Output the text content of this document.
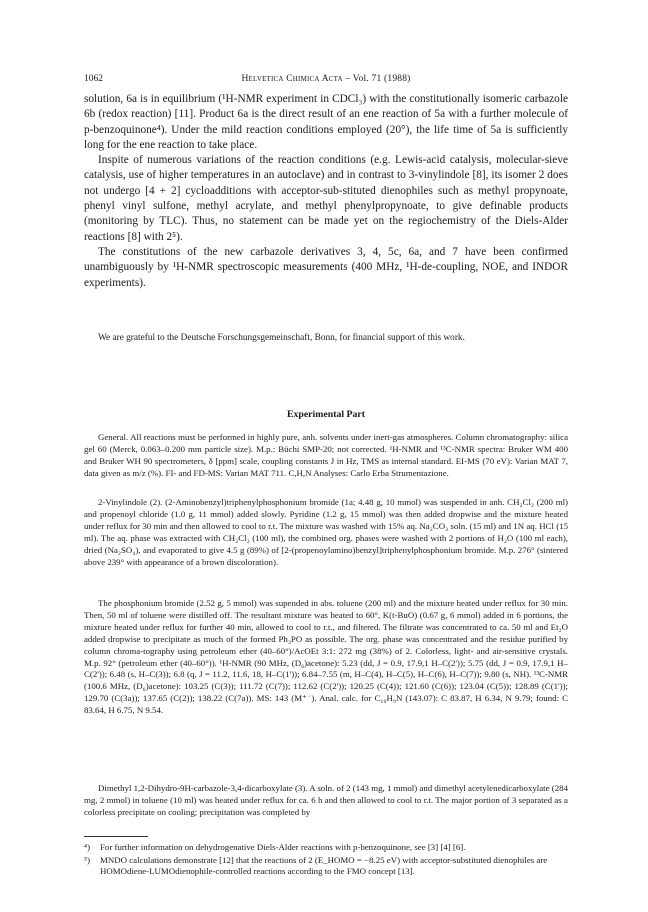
1062	Helvetica Chimica Acta – Vol. 71 (1988)

solution, 6a is in equilibrium (¹H-NMR experiment in CDCl₃) with the constitutionally isomeric carbazole 6b (redox reaction) [11]. Product 6a is the direct result of an ene reaction of 5a with a further molecule of p-benzoquinone⁴). Under the mild reaction conditions employed (20°), the life time of 5a is sufficiently long for the ene reaction to take place.

Inspite of numerous variations of the reaction conditions (e.g. Lewis-acid catalysis, molecular-sieve catalysis, use of higher temperatures in an autoclave) and in contrast to 3-vinylindole [8], its isomer 2 does not undergo [4 + 2] cycloadditions with acceptor-sub-stituted dienophiles such as methyl propynoate, phenyl vinyl sulfone, methyl acrylate, and methyl phenylpropynoate, to give definable products (monitoring by TLC). Thus, no statement can be made yet on the regiochemistry of the Diels-Alder reactions [8] with 2⁵).

The constitutions of the new carbazole derivatives 3, 4, 5c, 6a, and 7 have been confirmed unambiguously by ¹H-NMR spectroscopic measurements (400 MHz, ¹H-de-coupling, NOE, and INDOR experiments).

We are grateful to the Deutsche Forschungsgemeinschaft, Bonn, for financial support of this work.

Experimental Part

General. All reactions must be performed in highly pure, anh. solvents under inert-gas atmospheres. Column chromatography: silica gel 60 (Merck, 0.063–0.200 mm particle size). M.p.: Büchi SMP-20; not corrected. ¹H-NMR and ¹³C-NMR spectra: Bruker WM 400 and Bruker WH 90 spectrometers, δ [ppm] scale, coupling constants J in Hz, TMS as internal standard. EI-MS (70 eV): Varian MAT 7, data given as m/z (%). FI- and FD-MS: Varian MAT 711. C,H,N Analyses: Carlo Erba Strumentazione.

2-Vinylindole (2). (2-Aminobenzyl)triphenylphosphonium bromide (1a; 4.48 g, 10 mmol) was suspended in anh. CH₂Cl₂ (200 ml) and propenoyl chloride (1.0 g, 11 mmol) added slowly. Pyridine (1.2 g, 15 mmol) was then added dropwise and the mixture heated under reflux for 30 min and then allowed to cool to r.t. The mixture was washed with 15% aq. Na₂CO₃ soln. (15 ml) and 1N aq. HCl (15 ml). The aq. phase was extracted with CH₂Cl₂ (100 ml), the combined org. phases were washed with 2 portions of H₂O (100 ml each), dried (Na₂SO₄), and evaporated to give 4.5 g (89%) of [2-(propenoylamino)benzyl]triphenylphosphonium bromide. M.p. 276° (sintered above 239° with appearance of a brown discoloration).

The phosphonium bromide (2.52 g, 5 mmol) was supended in abs. toluene (200 ml) and the mixture heated under reflux for 30 min. Then, 50 ml of toluene were distilled off. The resultant mixture was heated to 60°, K(t-BuO) (0.67 g, 6 mmol) added in 6 portions, the mixture heated under reflux for further 40 min, allowed to cool to r.t., and filtered. The filtrate was concentrated to ca. 50 ml and Et₂O added dropwise to precipitate as much of the formed Ph₃PO as possible. The org. phase was concentrated and the residue purified by column chroma-tography using petroleum ether (40–60°)/AcOEt 3:1: 272 mg (38%) of 2. Colorless, light- and air-sensitive crystals. M.p. 92° (petroleum ether (40–60°)). ¹H-NMR (90 MHz, (D₆)acetone): 5.23 (dd, J = 0.9, 17.9,1 H–C(2')); 5.75 (dd, J = 0.9, 17.9,1 H–C(2')); 6.48 (s, H–C(3)); 6.8 (q, J = 11.2, 11.6, 18, H–C(1')); 6.84–7.55 (m, H–C(4), H–C(5), H–C(6), H–C(7)); 9.80 (s, NH). ¹³C-NMR (100.6 MHz, (D₆)acetone): 103.25 (C(3)); 111.72 (C(7)); 112.62 (C(2')); 120.25 (C(4)); 121.60 (C(6)); 123.04 (C(5)); 128.89 (C(1')); 129.70 (C(3a)); 137.65 (C(2)); 138.22 (C(7a)). MS: 143 (M⁺˙). Anal. calc. for C₁₀H₉N (143.07): C 83.87, H 6.34, N 9.79; found: C 83.64, H 6.75, N 9.54.

Dimethyl 1,2-Dihydro-9H-carbazole-3,4-dicarboxylate (3). A soln. of 2 (143 mg, 1 mmol) and dimethyl acetylenedicarboxylate (284 mg, 2 mmol) in toluene (10 ml) was heated under reflux for ca. 6 h and then allowed to cool to r.t. The major portion of 3 separated as a colorless precipitate on cooling; precipitation was completed by

⁴)	For further information on dehydrogenative Diels-Alder reactions with p-benzoquinone, see [3] [4] [6].
⁵)	MNDO calculations demonstrate [12] that the reactions of 2 (E_HOMO = −8.25 eV) with acceptor-substituted dienophiles are HOMOdiene-LUMOdienophile-controlled reactions according to the FMO concept [13].
